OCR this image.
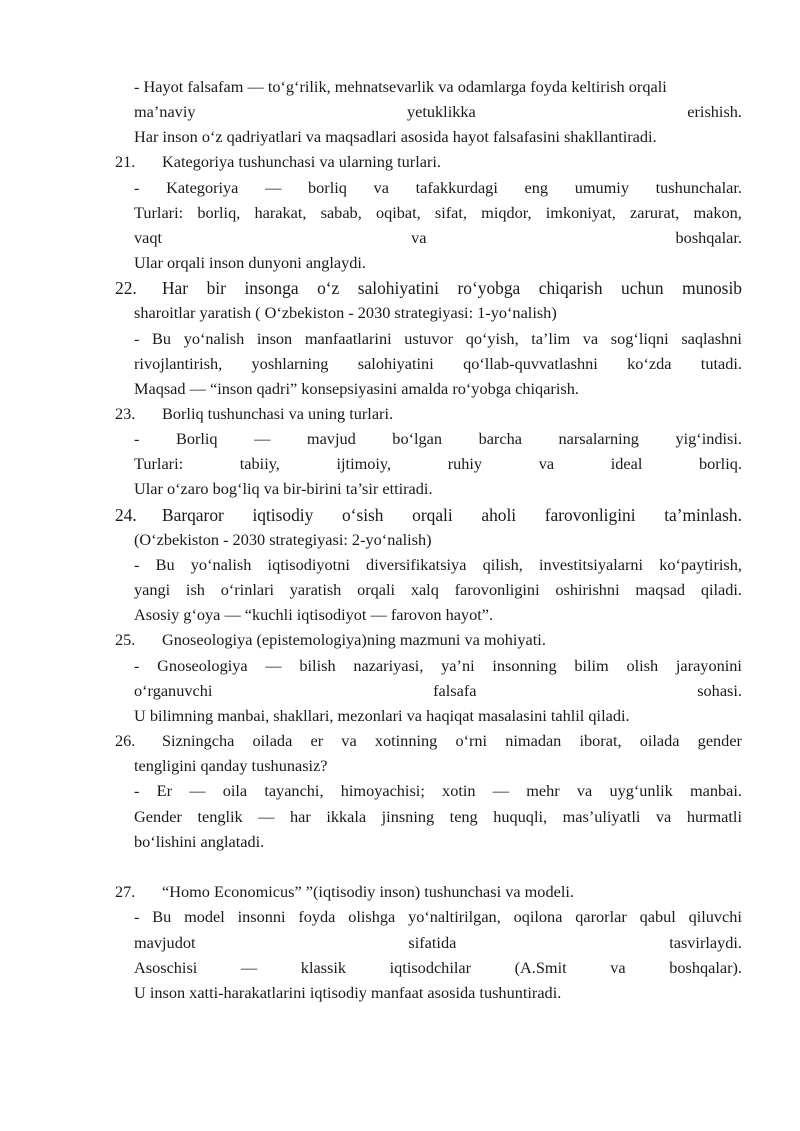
- Hayot falsafam — to‘g‘rilik, mehnatsevarlik va odamlarga foyda keltirish orqali
ma’naviy	yetuklikka	erishish.
Har inson o‘z qadriyatlari va maqsadlari asosida hayot falsafasini shakllantiradi.
21. Kategoriya tushunchasi va ularning turlari.
- Kategoriya — borliq va tafakkurdagi eng umumiy tushunchalar.
Turlari: borliq, harakat, sabab, oqibat, sifat, miqdor, imkoniyat, zarurat, makon,
vaqt	va	boshqalar.
Ular orqali inson dunyoni anglaydi.
22. Har bir insonga o‘z salohiyatini ro‘yobga chiqarish uchun munosib
sharoitlar yaratish ( O‘zbekiston - 2030 strategiyasi: 1-yo‘nalish)
- Bu yo‘nalish inson manfaatlarini ustuvor qo‘yish, ta’lim va sog‘liqni saqlashni
rivojlantirish, yoshlarning salohiyatini qo‘llab-quvvatlashni ko‘zda tutadi.
Maqsad — “inson qadri” konsepsiyasini amalda ro‘yobga chiqarish.
23. Borliq tushunchasi va uning turlari.
- Borliq — mavjud bo‘lgan barcha narsalarning yig‘indisi.
Turlari:	tabiiy,	ijtimoiy,	ruhiy	va	ideal	borliq.
Ular o‘zaro bog‘liq va bir-birini ta’sir ettiradi.
24. Barqaror iqtisodiy o‘sish orqali aholi farovonligini ta’minlash.
(O‘zbekiston - 2030 strategiyasi: 2-yo‘nalish)
- Bu yo‘nalish iqtisodiyotni diversifikatsiya qilish, investitsiyalarni ko‘paytirish,
yangi ish o‘rinlari yaratish orqali xalq farovonligini oshirishni maqsad qiladi.
Asosiy g‘oya — “kuchli iqtisodiyot — farovon hayot”.
25. Gnoseologiya (epistemologiya)ning mazmuni va mohiyati.
- Gnoseologiya — bilish nazariyasi, ya’ni insonning bilim olish jarayonini
o‘rganuvchi	falsafa	sohasi.
U bilimning manbai, shakllari, mezonlari va haqiqat masalasini tahlil qiladi.
26. Sizningcha oilada er va xotinning o‘rni nimadan iborat, oilada gender
tengligini qanday tushunasiz?
- Er — oila tayanchi, himoyachisi; xotin — mehr va uyg‘unlik manbai.
Gender tenglik — har ikkala jinsning teng huquqli, mas’uliyatli va hurmatli
bo‘lishini anglatadi.
27. “Homo Economicus” ”(iqtisodiy inson) tushunchasi va modeli.
- Bu model insonni foyda olishga yo‘naltirilgan, oqilona qarorlar qabul qiluvchi
mavjudot	sifatida	tasvirlaydi.
Asoschisi	—	klassik	iqtisodchilar	(A.Smit	va	boshqalar).
U inson xatti-harakatlarini iqtisodiy manfaat asosida tushuntiradi.
